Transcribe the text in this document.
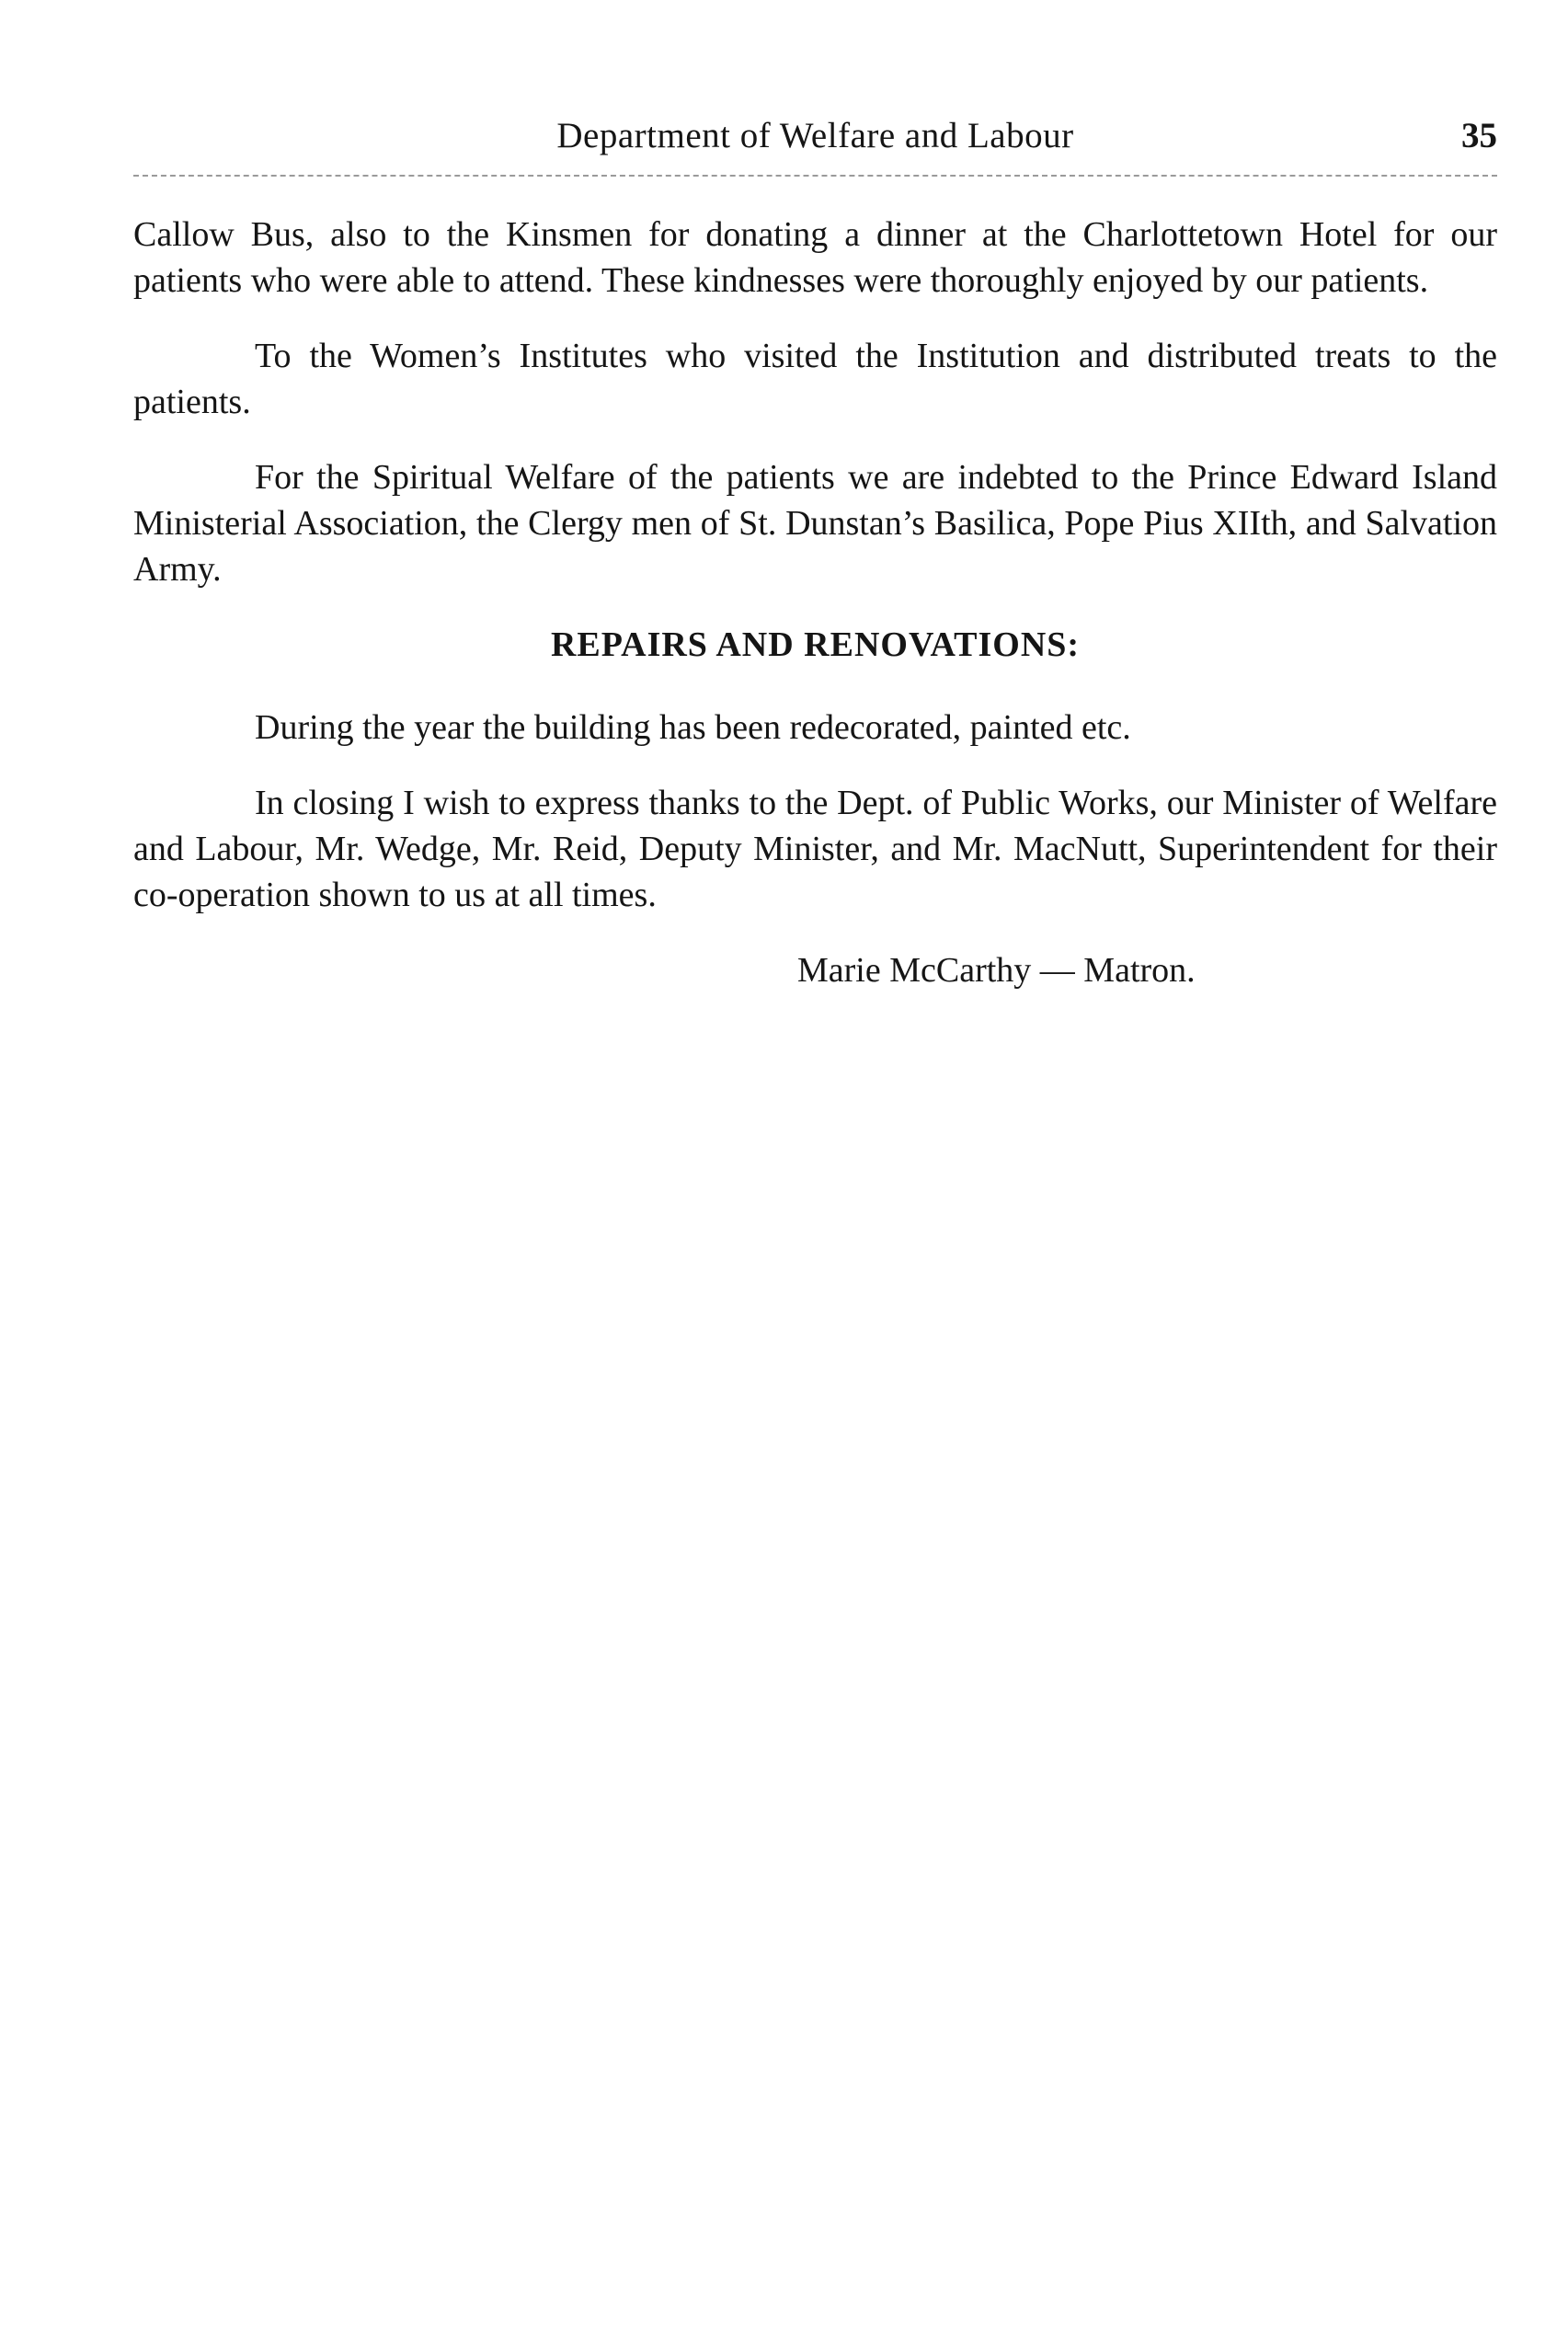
Department of Welfare and Labour	35

Callow Bus, also to the Kinsmen for donating a dinner at the Charlottetown Hotel for our patients who were able to attend. These kindnesses were thoroughly enjoyed by our patients.

To the Women’s Institutes who visited the Institution and distributed treats to the patients.

For the Spiritual Welfare of the patients we are indebted to the Prince Edward Island Ministerial Association, the Clergy men of St. Dunstan’s Basilica, Pope Pius XIIth, and Salvation Army.

REPAIRS AND RENOVATIONS:

During the year the building has been redecorated, painted etc.

In closing I wish to express thanks to the Dept. of Public Works, our Minister of Welfare and Labour, Mr. Wedge, Mr. Reid, Deputy Minister, and Mr. MacNutt, Superintendent for their co-operation shown to us at all times.

Marie McCarthy — Matron.
